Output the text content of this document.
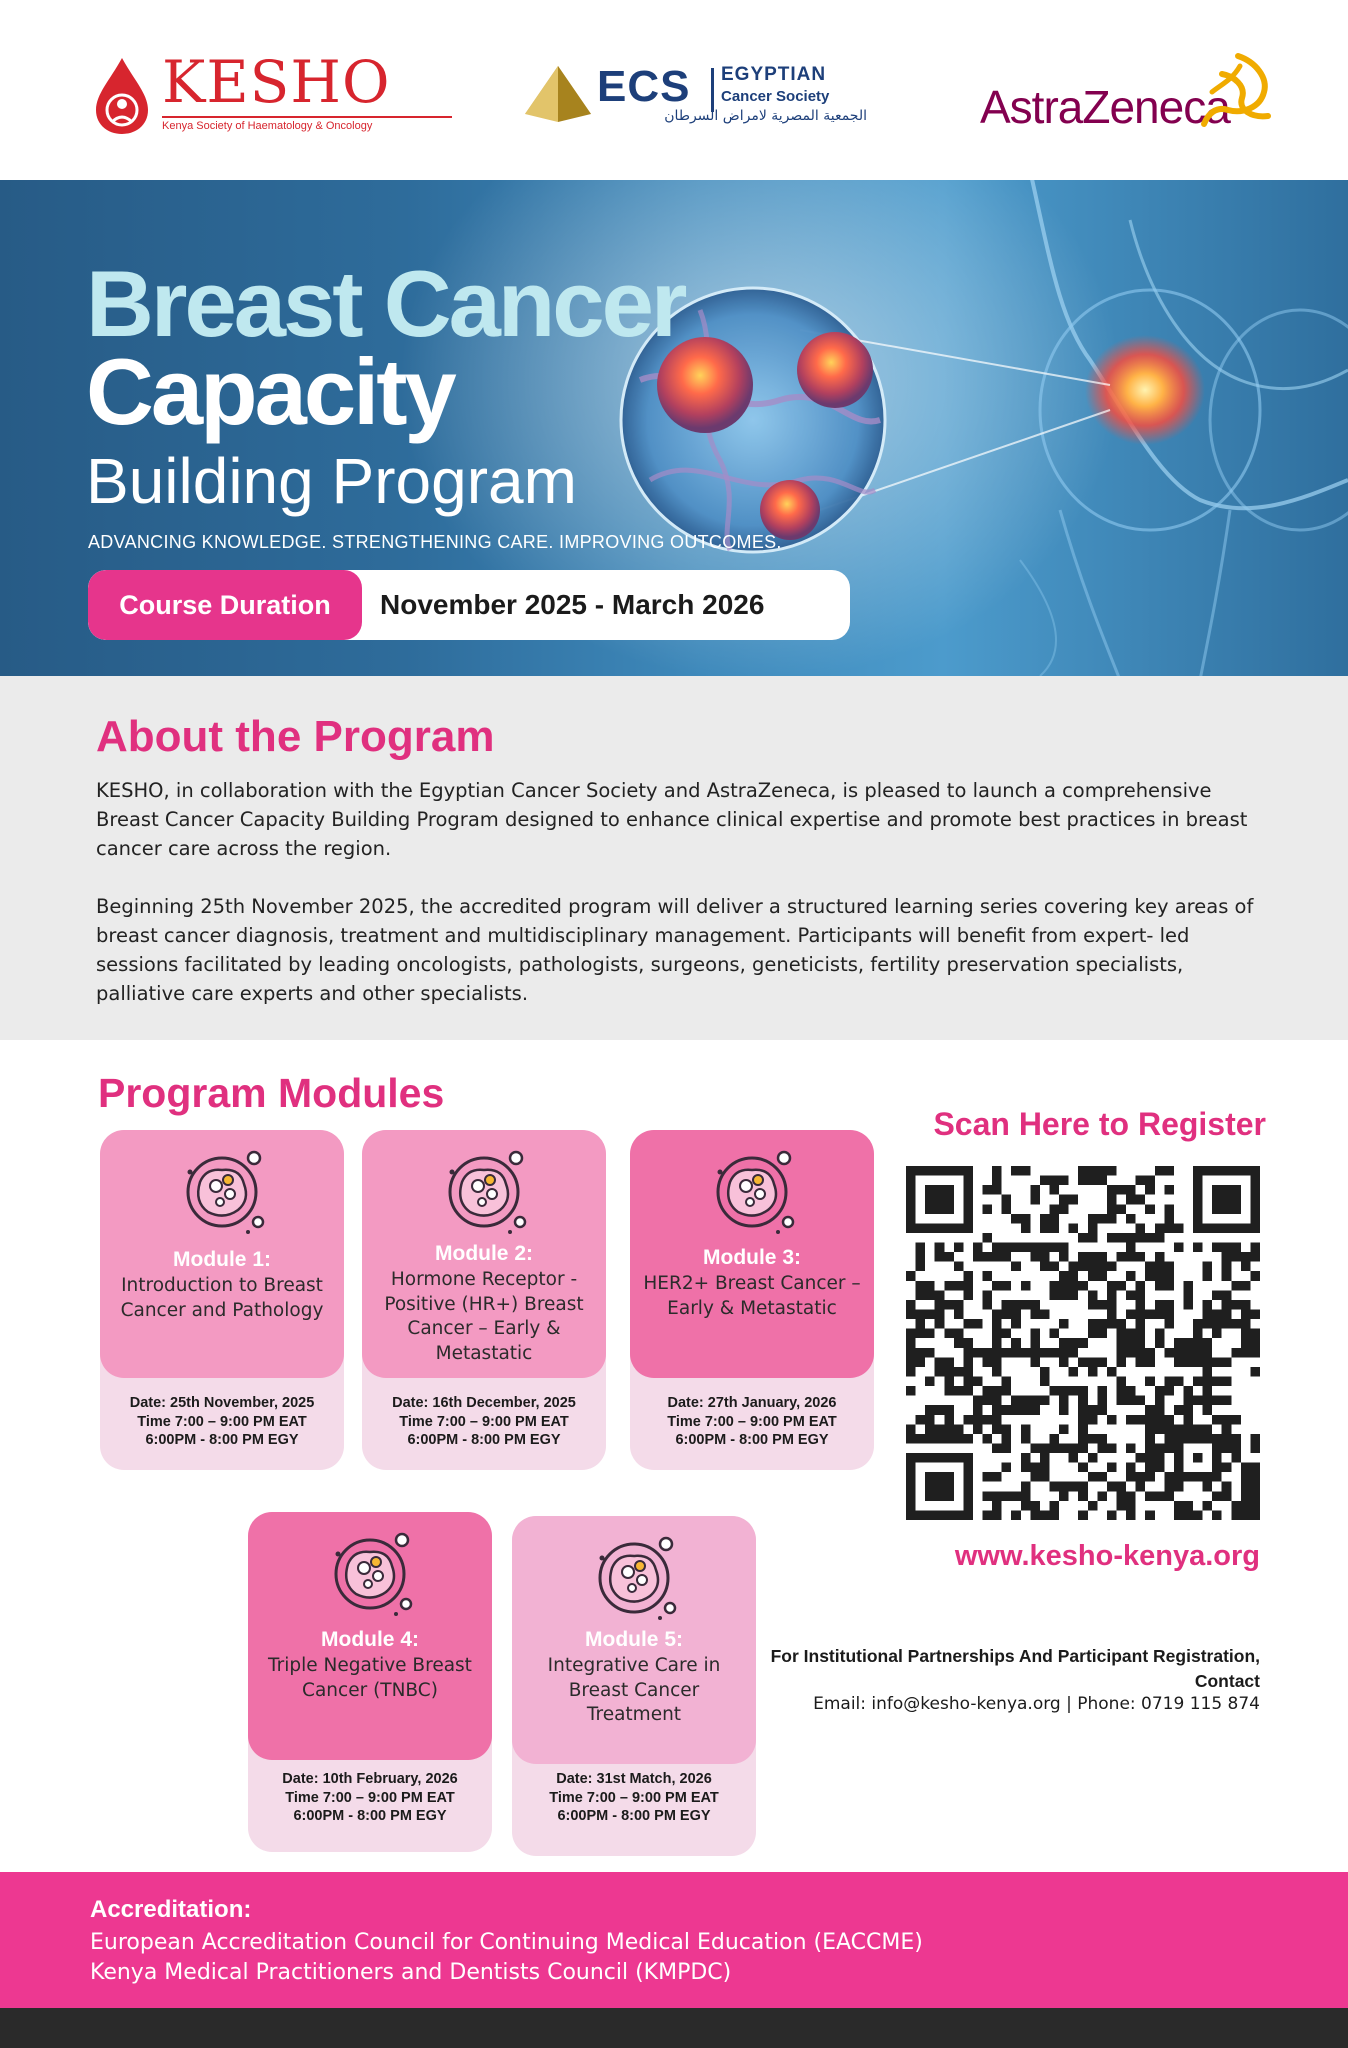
KESHO
Kenya Society of Haematology & Oncology
ECS EGYPTIAN
Cancer Society
الجمعية المصرية لامراض السرطان AstraZeneca
Breast Cancer
Capacity
Building Program
ADVANCING KNOWLEDGE. STRENGTHENING CARE. IMPROVING OUTCOMES.
Course Duration	November 2025 - March 2026
About the Program

KESHO, in collaboration with the Egyptian Cancer Society and AstraZeneca, is pleased to launch a comprehensive Breast Cancer Capacity Building Program designed to enhance clinical expertise and promote best practices in breast cancer care across the region.

Beginning 25th November 2025, the accredited program will deliver a structured learning series covering key areas of breast cancer diagnosis, treatment and multidisciplinary management. Participants will benefit from expert- led sessions facilitated by leading oncologists, pathologists, surgeons, geneticists, fertility preservation specialists, palliative care experts and other specialists.

Program Modules
Module 1:
Introduction to Breast Cancer and Pathology
Date: 25th November, 2025
Time 7:00 – 9:00 PM EAT
6:00PM - 8:00 PM EGY
Module 2:
Hormone Receptor -Positive (HR+) Breast Cancer – Early & Metastatic
Date: 16th December, 2025
Time 7:00 – 9:00 PM EAT
6:00PM - 8:00 PM EGY
Module 3:
HER2+ Breast Cancer – Early & Metastatic
Date: 27th January, 2026
Time 7:00 – 9:00 PM EAT
6:00PM - 8:00 PM EGY
Module 4:
Triple Negative Breast Cancer (TNBC)
Date: 10th February, 2026
Time 7:00 – 9:00 PM EAT
6:00PM - 8:00 PM EGY
Module 5:
Integrative Care in Breast Cancer Treatment
Date: 31st Match, 2026
Time 7:00 – 9:00 PM EAT
6:00PM - 8:00 PM EGY
Scan Here to Register
www.kesho-kenya.org
For Institutional Partnerships And Participant Registration, Contact
Email: info@kesho-kenya.org | Phone: 0719 115 874
Accreditation:
European Accreditation Council for Continuing Medical Education (EACCME)
Kenya Medical Practitioners and Dentists Council (KMPDC)
